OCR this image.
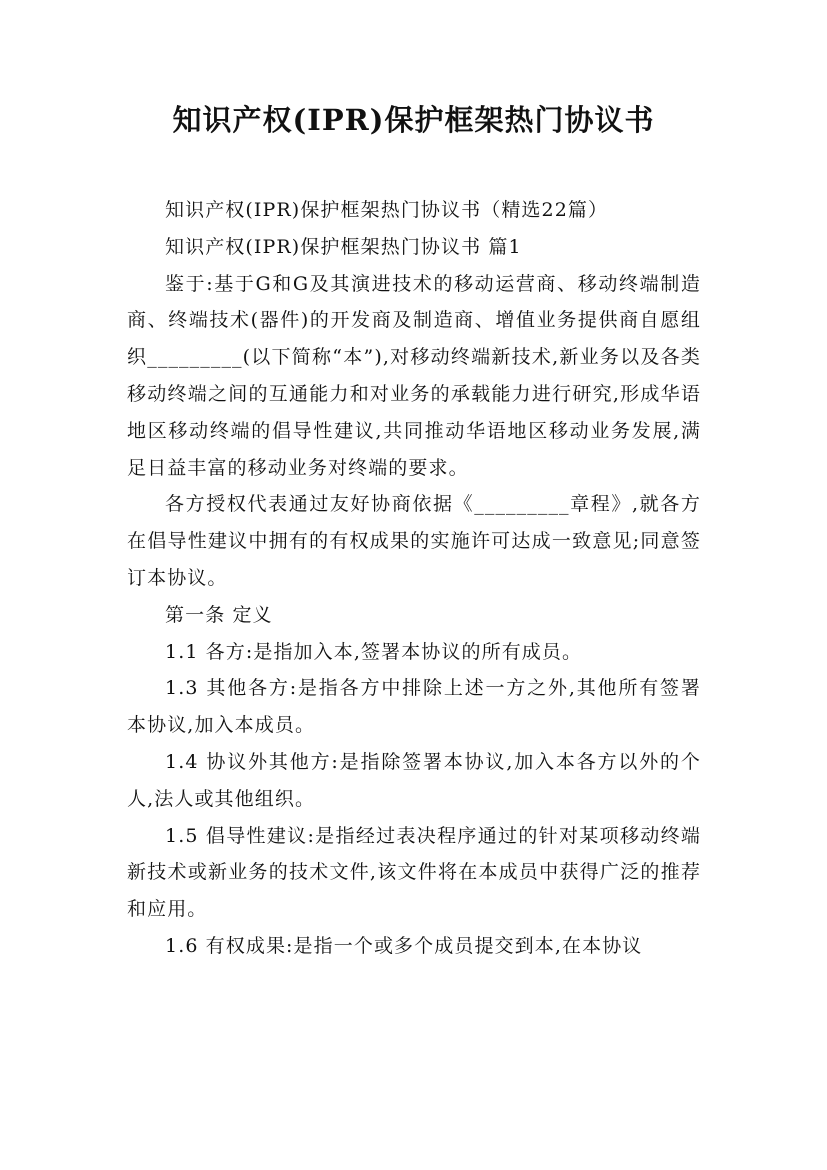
知识产权(IPR)保护框架热门协议书

知识产权(IPR)保护框架热门协议书（精选22篇）

知识产权(IPR)保护框架热门协议书 篇1

鉴于:基于G和G及其演进技术的移动运营商、移动终端制造商、终端技术(器件)的开发商及制造商、增值业务提供商自愿组织_________(以下简称“本”),对移动终端新技术,新业务以及各类移动终端之间的互通能力和对业务的承载能力进行研究,形成华语地区移动终端的倡导性建议,共同推动华语地区移动业务发展,满足日益丰富的移动业务对终端的要求。

各方授权代表通过友好协商依据《_________章程》,就各方在倡导性建议中拥有的有权成果的实施许可达成一致意见;同意签订本协议。

第一条 定义

1.1 各方:是指加入本,签署本协议的所有成员。

1.3 其他各方:是指各方中排除上述一方之外,其他所有签署本协议,加入本成员。

1.4 协议外其他方:是指除签署本协议,加入本各方以外的个人,法人或其他组织。

1.5 倡导性建议:是指经过表决程序通过的针对某项移动终端新技术或新业务的技术文件,该文件将在本成员中获得广泛的推荐和应用。

1.6 有权成果:是指一个或多个成员提交到本,在本协议
